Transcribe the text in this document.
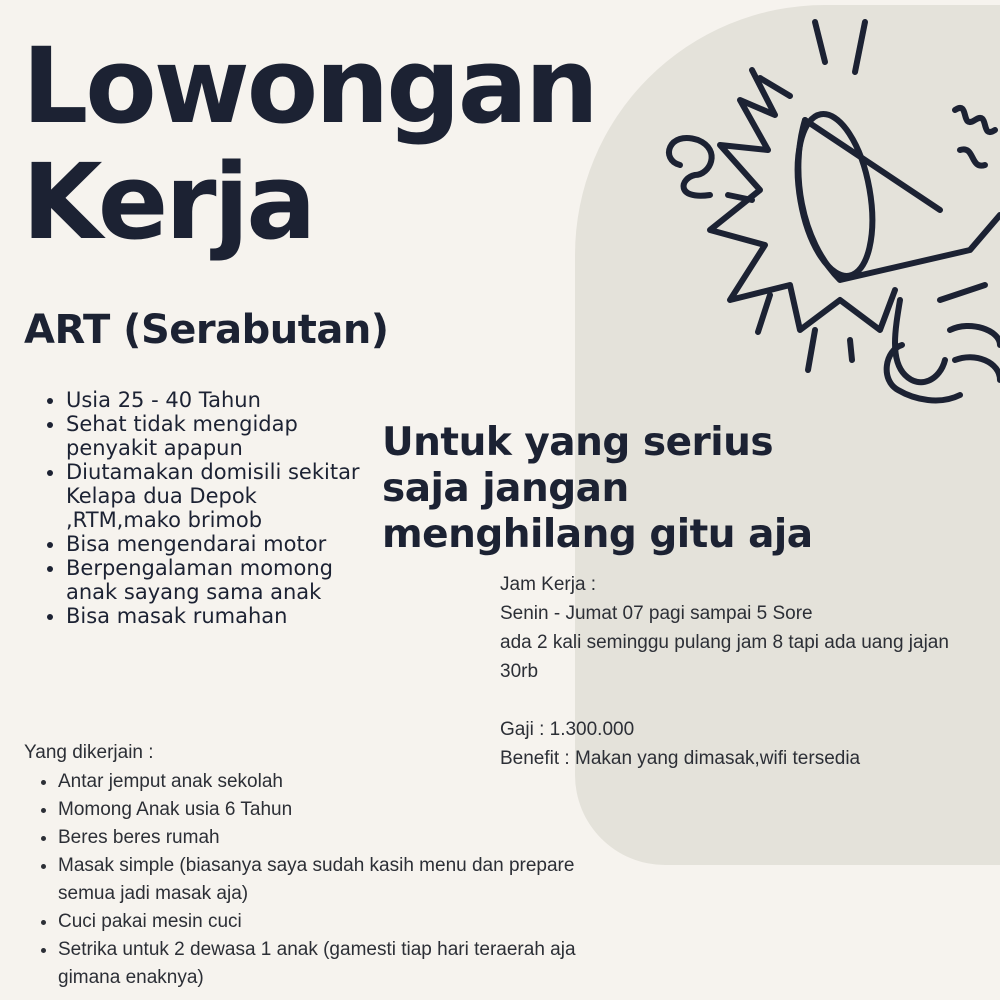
Lowongan
Kerja
ART (Serabutan)
• Usia 25 - 40 Tahun
• Sehat tidak mengidap penyakit apapun
• Diutamakan domisili sekitar Kelapa dua Depok ,RTM,mako brimob
• Bisa mengendarai motor
• Berpengalaman momong anak sayang sama anak
• Bisa masak rumahan
Untuk yang serius
saja jangan
menghilang gitu aja

Jam Kerja :

Senin - Jumat 07 pagi sampai 5 Sore

ada 2 kali seminggu pulang jam 8 tapi ada uang jajan 30rb

Gaji : 1.300.000

Benefit : Makan yang dimasak,wifi tersedia

Yang dikerjain :
• Antar jemput anak sekolah
• Momong Anak usia 6 Tahun
• Beres beres rumah
• Masak simple (biasanya saya sudah kasih menu dan prepare semua jadi masak aja)
• Cuci pakai mesin cuci
• Setrika untuk 2 dewasa 1 anak (gamesti tiap hari teraerah aja gimana enaknya)
